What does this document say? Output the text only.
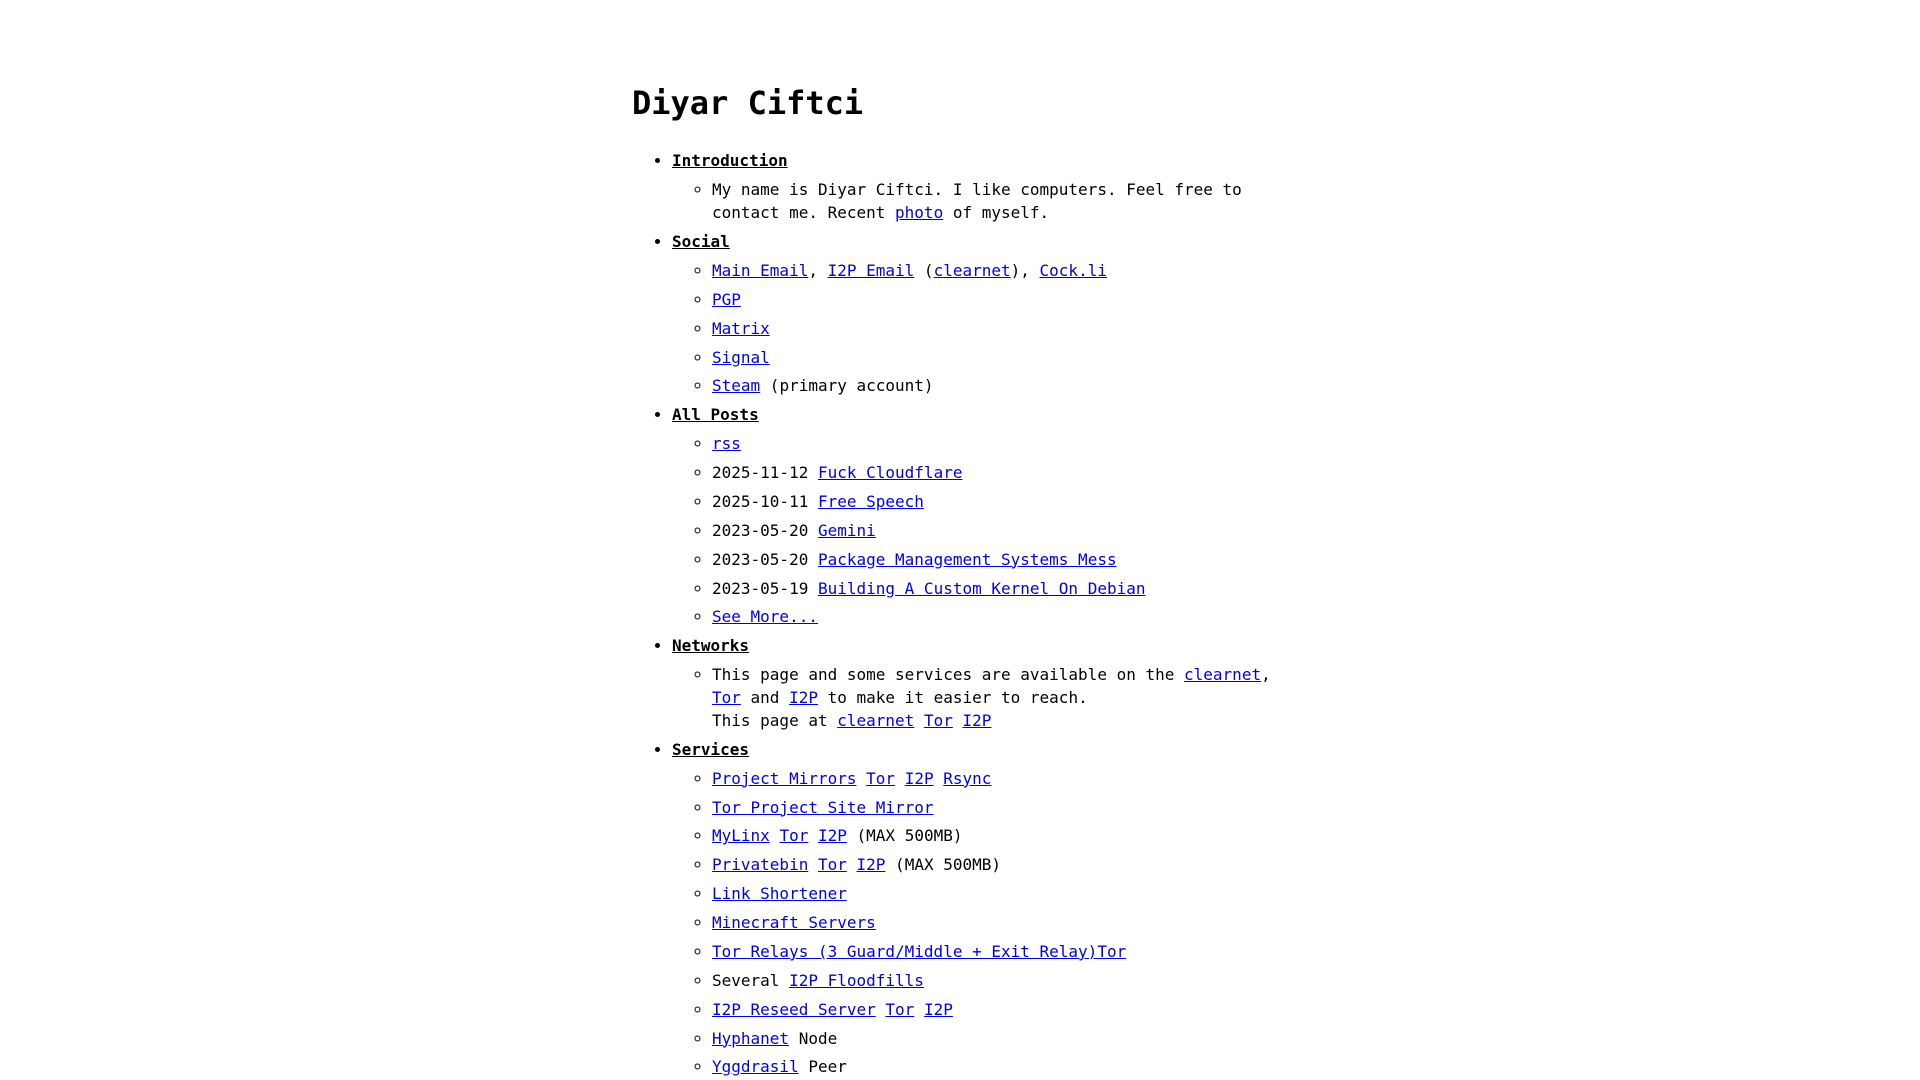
Diyar Ciftci
• Introduction
◦ My name is Diyar Ciftci. I like computers. Feel free to contact me. Recent photo of myself.
• Social
◦ Main Email, I2P Email (clearnet), Cock.li
◦ PGP
◦ Matrix
◦ Signal
◦ Steam (primary account)
• All Posts
◦ rss
◦ 2025-11-12 Fuck Cloudflare
◦ 2025-10-11 Free Speech
◦ 2023-05-20 Gemini
◦ 2023-05-20 Package Management Systems Mess
◦ 2023-05-19 Building A Custom Kernel On Debian
◦ See More...
• Networks
◦ This page and some services are available on the clearnet, Tor and I2P to make it easier to reach.
This page at clearnet Tor I2P
• Services
◦ Project Mirrors Tor I2P Rsync
◦ Tor Project Site Mirror
◦ MyLinx Tor I2P (MAX 500MB)
◦ Privatebin Tor I2P (MAX 500MB)
◦ Link Shortener
◦ Minecraft Servers
◦ Tor Relays (3 Guard/Middle + Exit Relay)Tor
◦ Several I2P Floodfills
◦ I2P Reseed Server Tor I2P
◦ Hyphanet Node
◦ Yggdrasil Peer
